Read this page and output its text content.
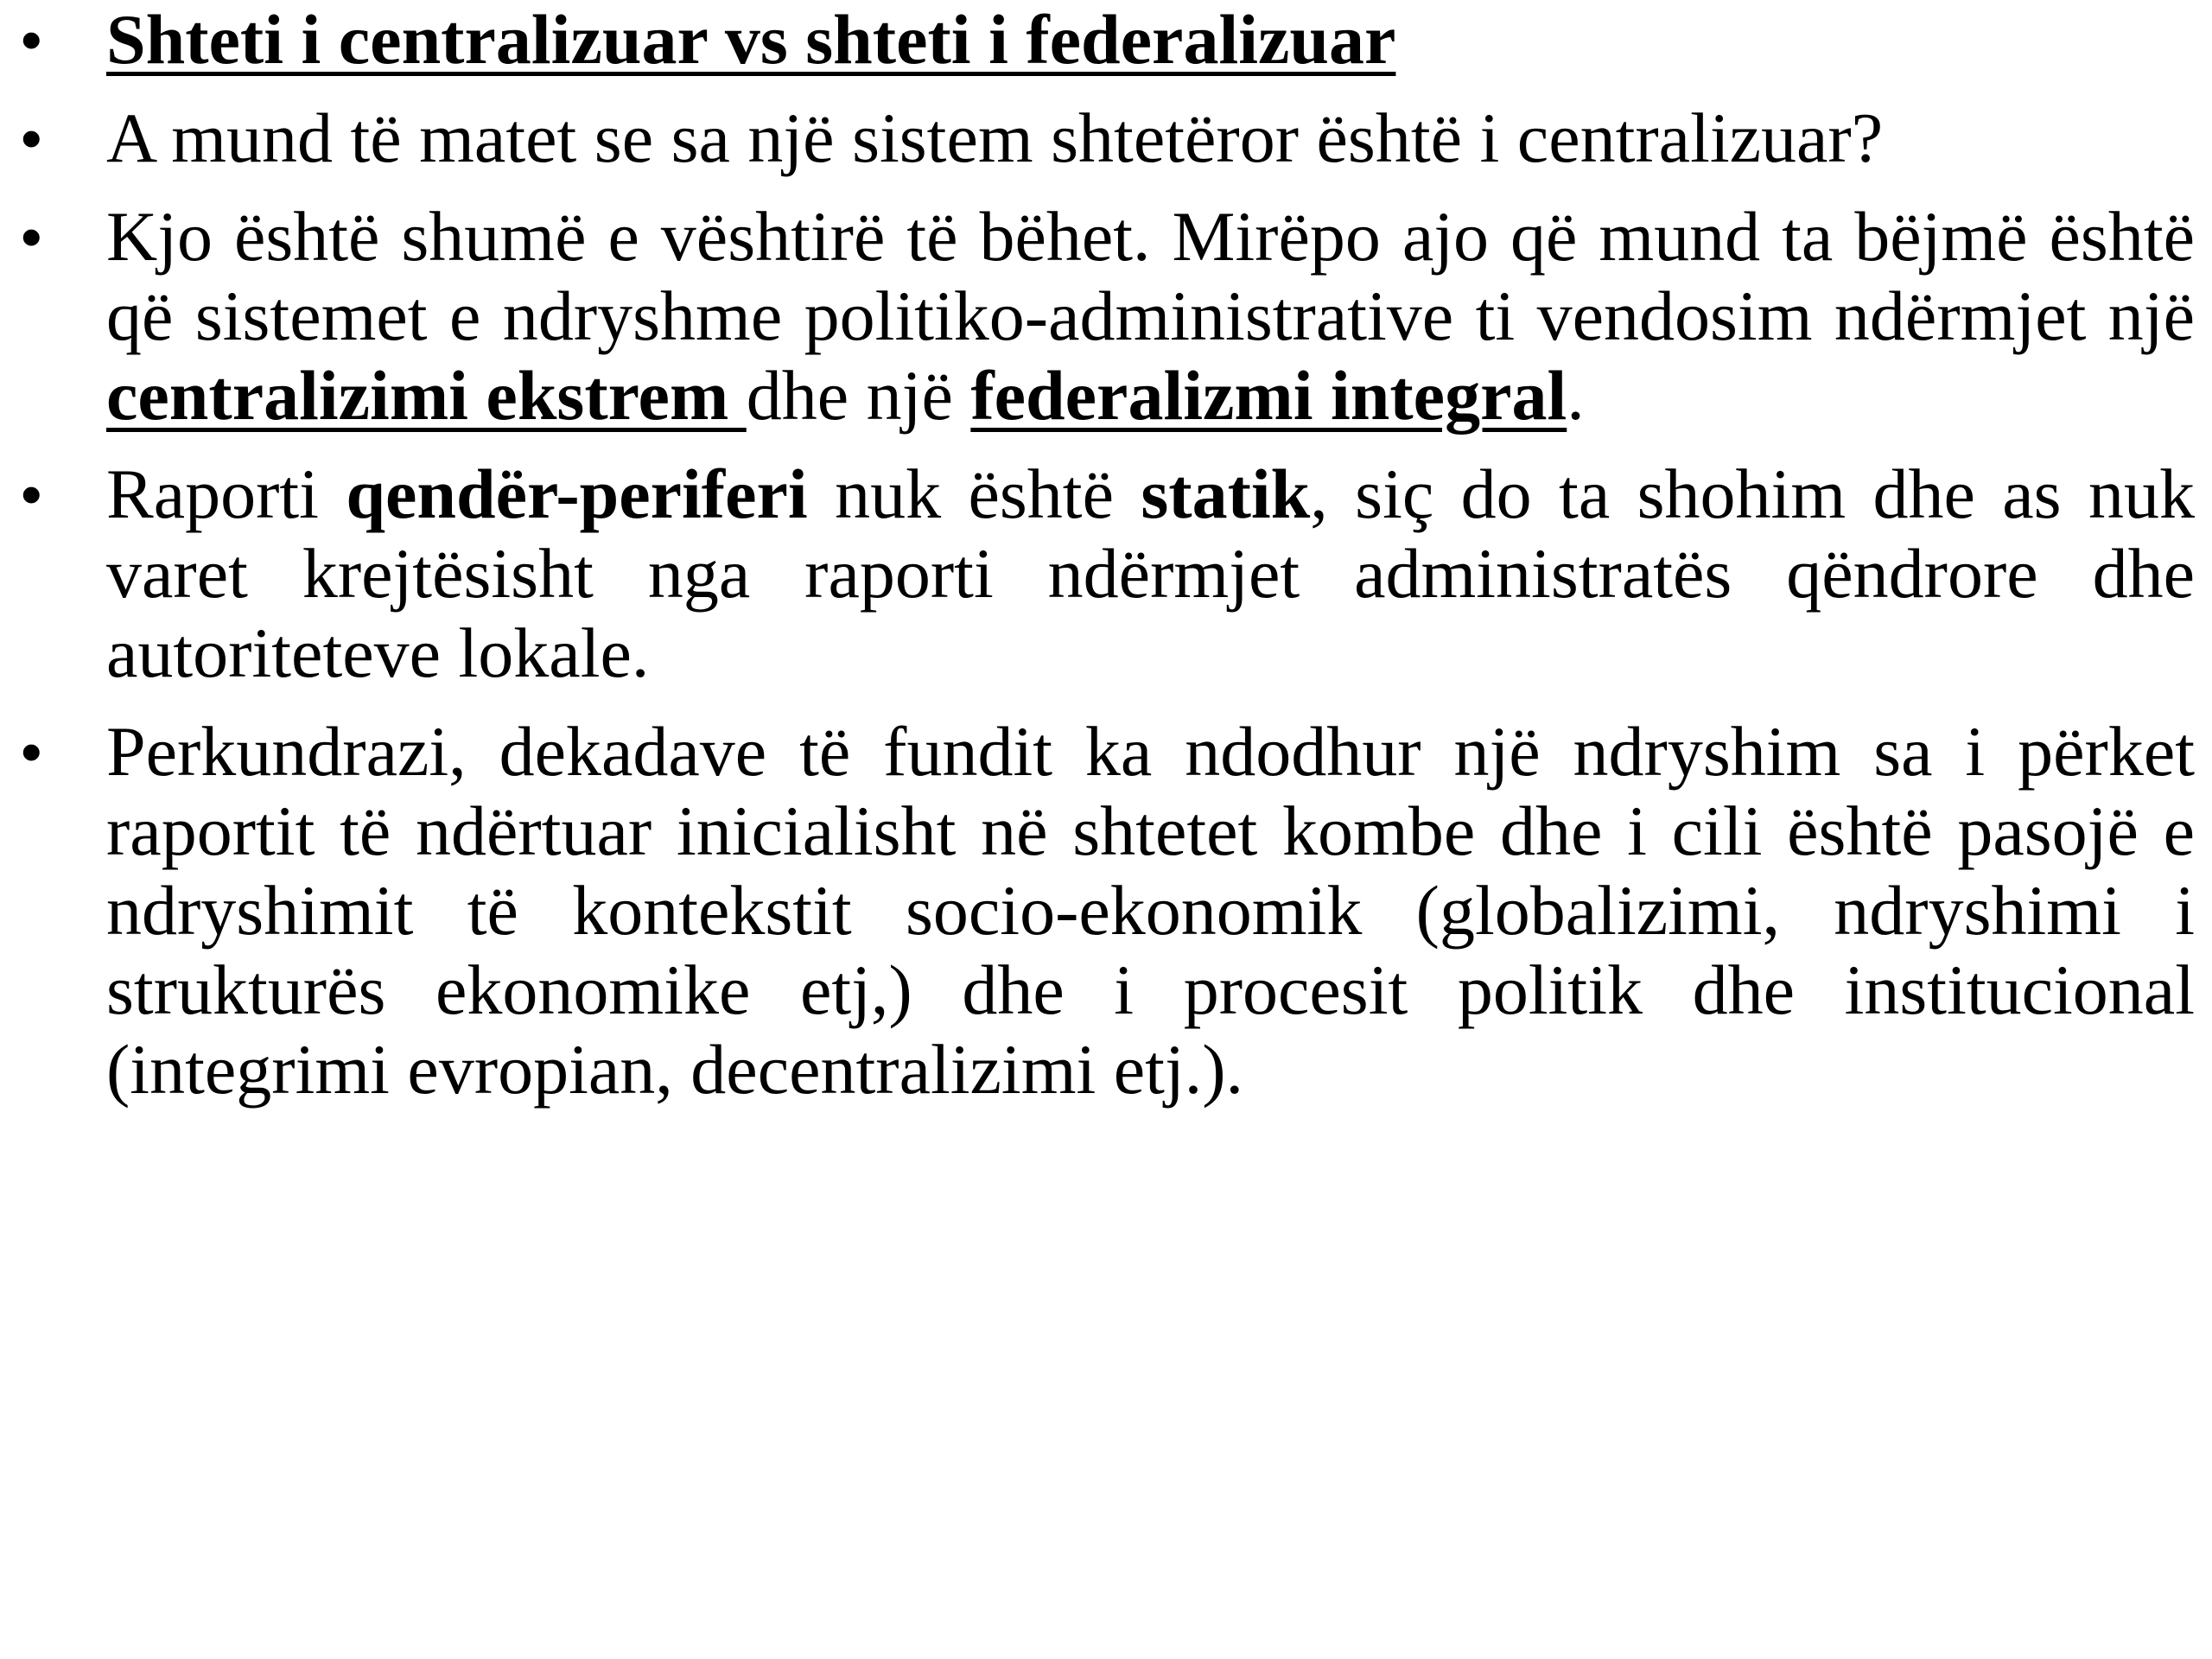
• Shteti i centralizuar vs shteti i federalizuar
• A mund të matet se sa një sistem shtetëror është i centralizuar?
• Kjo është shumë e vështirë të bëhet. Mirëpo ajo që mund ta bëjmë është që sistemet e ndryshme politiko-administrative ti vendosim ndërmjet një centralizimi ekstrem dhe një federalizmi integral.
• Raporti qendër-periferi nuk është statik, siç do ta shohim dhe as nuk varet krejtësisht nga raporti ndërmjet administratës qëndrore dhe autoriteteve lokale.
• Perkundrazi, dekadave të fundit ka ndodhur një ndryshim sa i përket raportit të ndërtuar inicialisht në shtetet kombe dhe i cili është pasojë e ndryshimit të kontekstit socio-ekonomik (globalizimi, ndryshimi i strukturës ekonomike etj,) dhe i procesit politik dhe institucional (integrimi evropian, decentralizimi etj.).
